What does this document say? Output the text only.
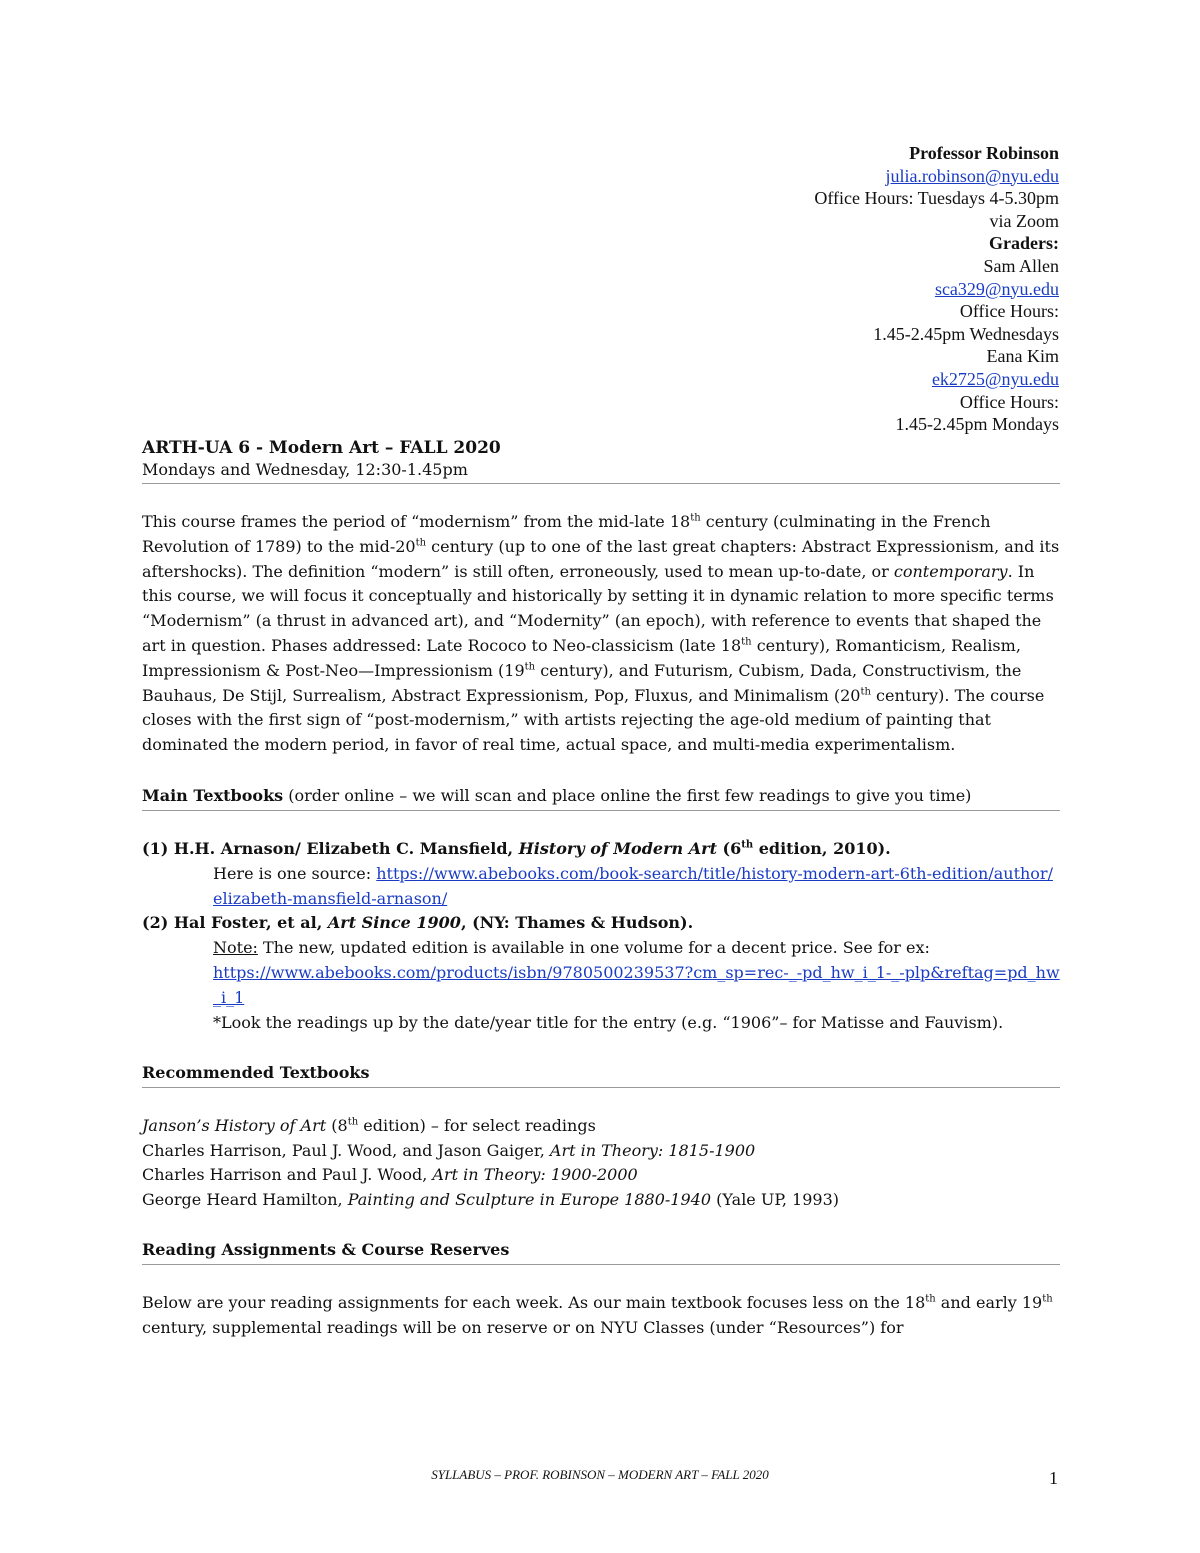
Professor Robinson
julia.robinson@nyu.edu
Office Hours: Tuesdays 4-5.30pm
via Zoom
Graders:
Sam Allen
sca329@nyu.edu
Office Hours:
1.45-2.45pm Wednesdays
Eana Kim
ek2725@nyu.edu
Office Hours:
1.45-2.45pm Mondays
ARTH-UA 6 - Modern Art – FALL 2020
Mondays and Wednesday, 12:30-1.45pm
This course frames the period of “modernism” from the mid-late 18th century (culminating in the French Revolution of 1789) to the mid-20th century (up to one of the last great chapters: Abstract Expressionism, and its aftershocks). The definition “modern” is still often, erroneously, used to mean up-to-date, or contemporary. In this course, we will focus it conceptually and historically by setting it in dynamic relation to more specific terms “Modernism” (a thrust in advanced art), and “Modernity” (an epoch), with reference to events that shaped the art in question. Phases addressed: Late Rococo to Neo-classicism (late 18th century), Romanticism, Realism, Impressionism & Post-Neo—Impressionism (19th century), and Futurism, Cubism, Dada, Constructivism, the Bauhaus, De Stijl, Surrealism, Abstract Expressionism, Pop, Fluxus, and Minimalism (20th century). The course closes with the first sign of “post-modernism,” with artists rejecting the age-old medium of painting that dominated the modern period, in favor of real time, actual space, and multi-media experimentalism.
Main Textbooks (order online – we will scan and place online the first few readings to give you time)
(1) H.H. Arnason/ Elizabeth C. Mansfield, History of Modern Art (6th edition, 2010).
Here is one source: https://www.abebooks.com/book-search/title/history-modern-art-6th-edition/author/elizabeth-mansfield-arnason/
(2) Hal Foster, et al, Art Since 1900, (NY: Thames & Hudson).
Note: The new, updated edition is available in one volume for a decent price. See for ex:
https://www.abebooks.com/products/isbn/9780500239537?cm_sp=rec-_-pd_hw_i_1-_-plp&reftag=pd_hw_i_1
*Look the readings up by the date/year title for the entry (e.g. “1906”– for Matisse and Fauvism).
Recommended Textbooks
Janson’s History of Art (8th edition) – for select readings
Charles Harrison, Paul J. Wood, and Jason Gaiger, Art in Theory: 1815-1900
Charles Harrison and Paul J. Wood, Art in Theory: 1900-2000
George Heard Hamilton, Painting and Sculpture in Europe 1880-1940 (Yale UP, 1993)
Reading Assignments & Course Reserves
Below are your reading assignments for each week. As our main textbook focuses less on the 18th and early 19th century, supplemental readings will be on reserve or on NYU Classes (under “Resources”) for
SYLLABUS – PROF. ROBINSON – MODERN ART – FALL 2020	1
